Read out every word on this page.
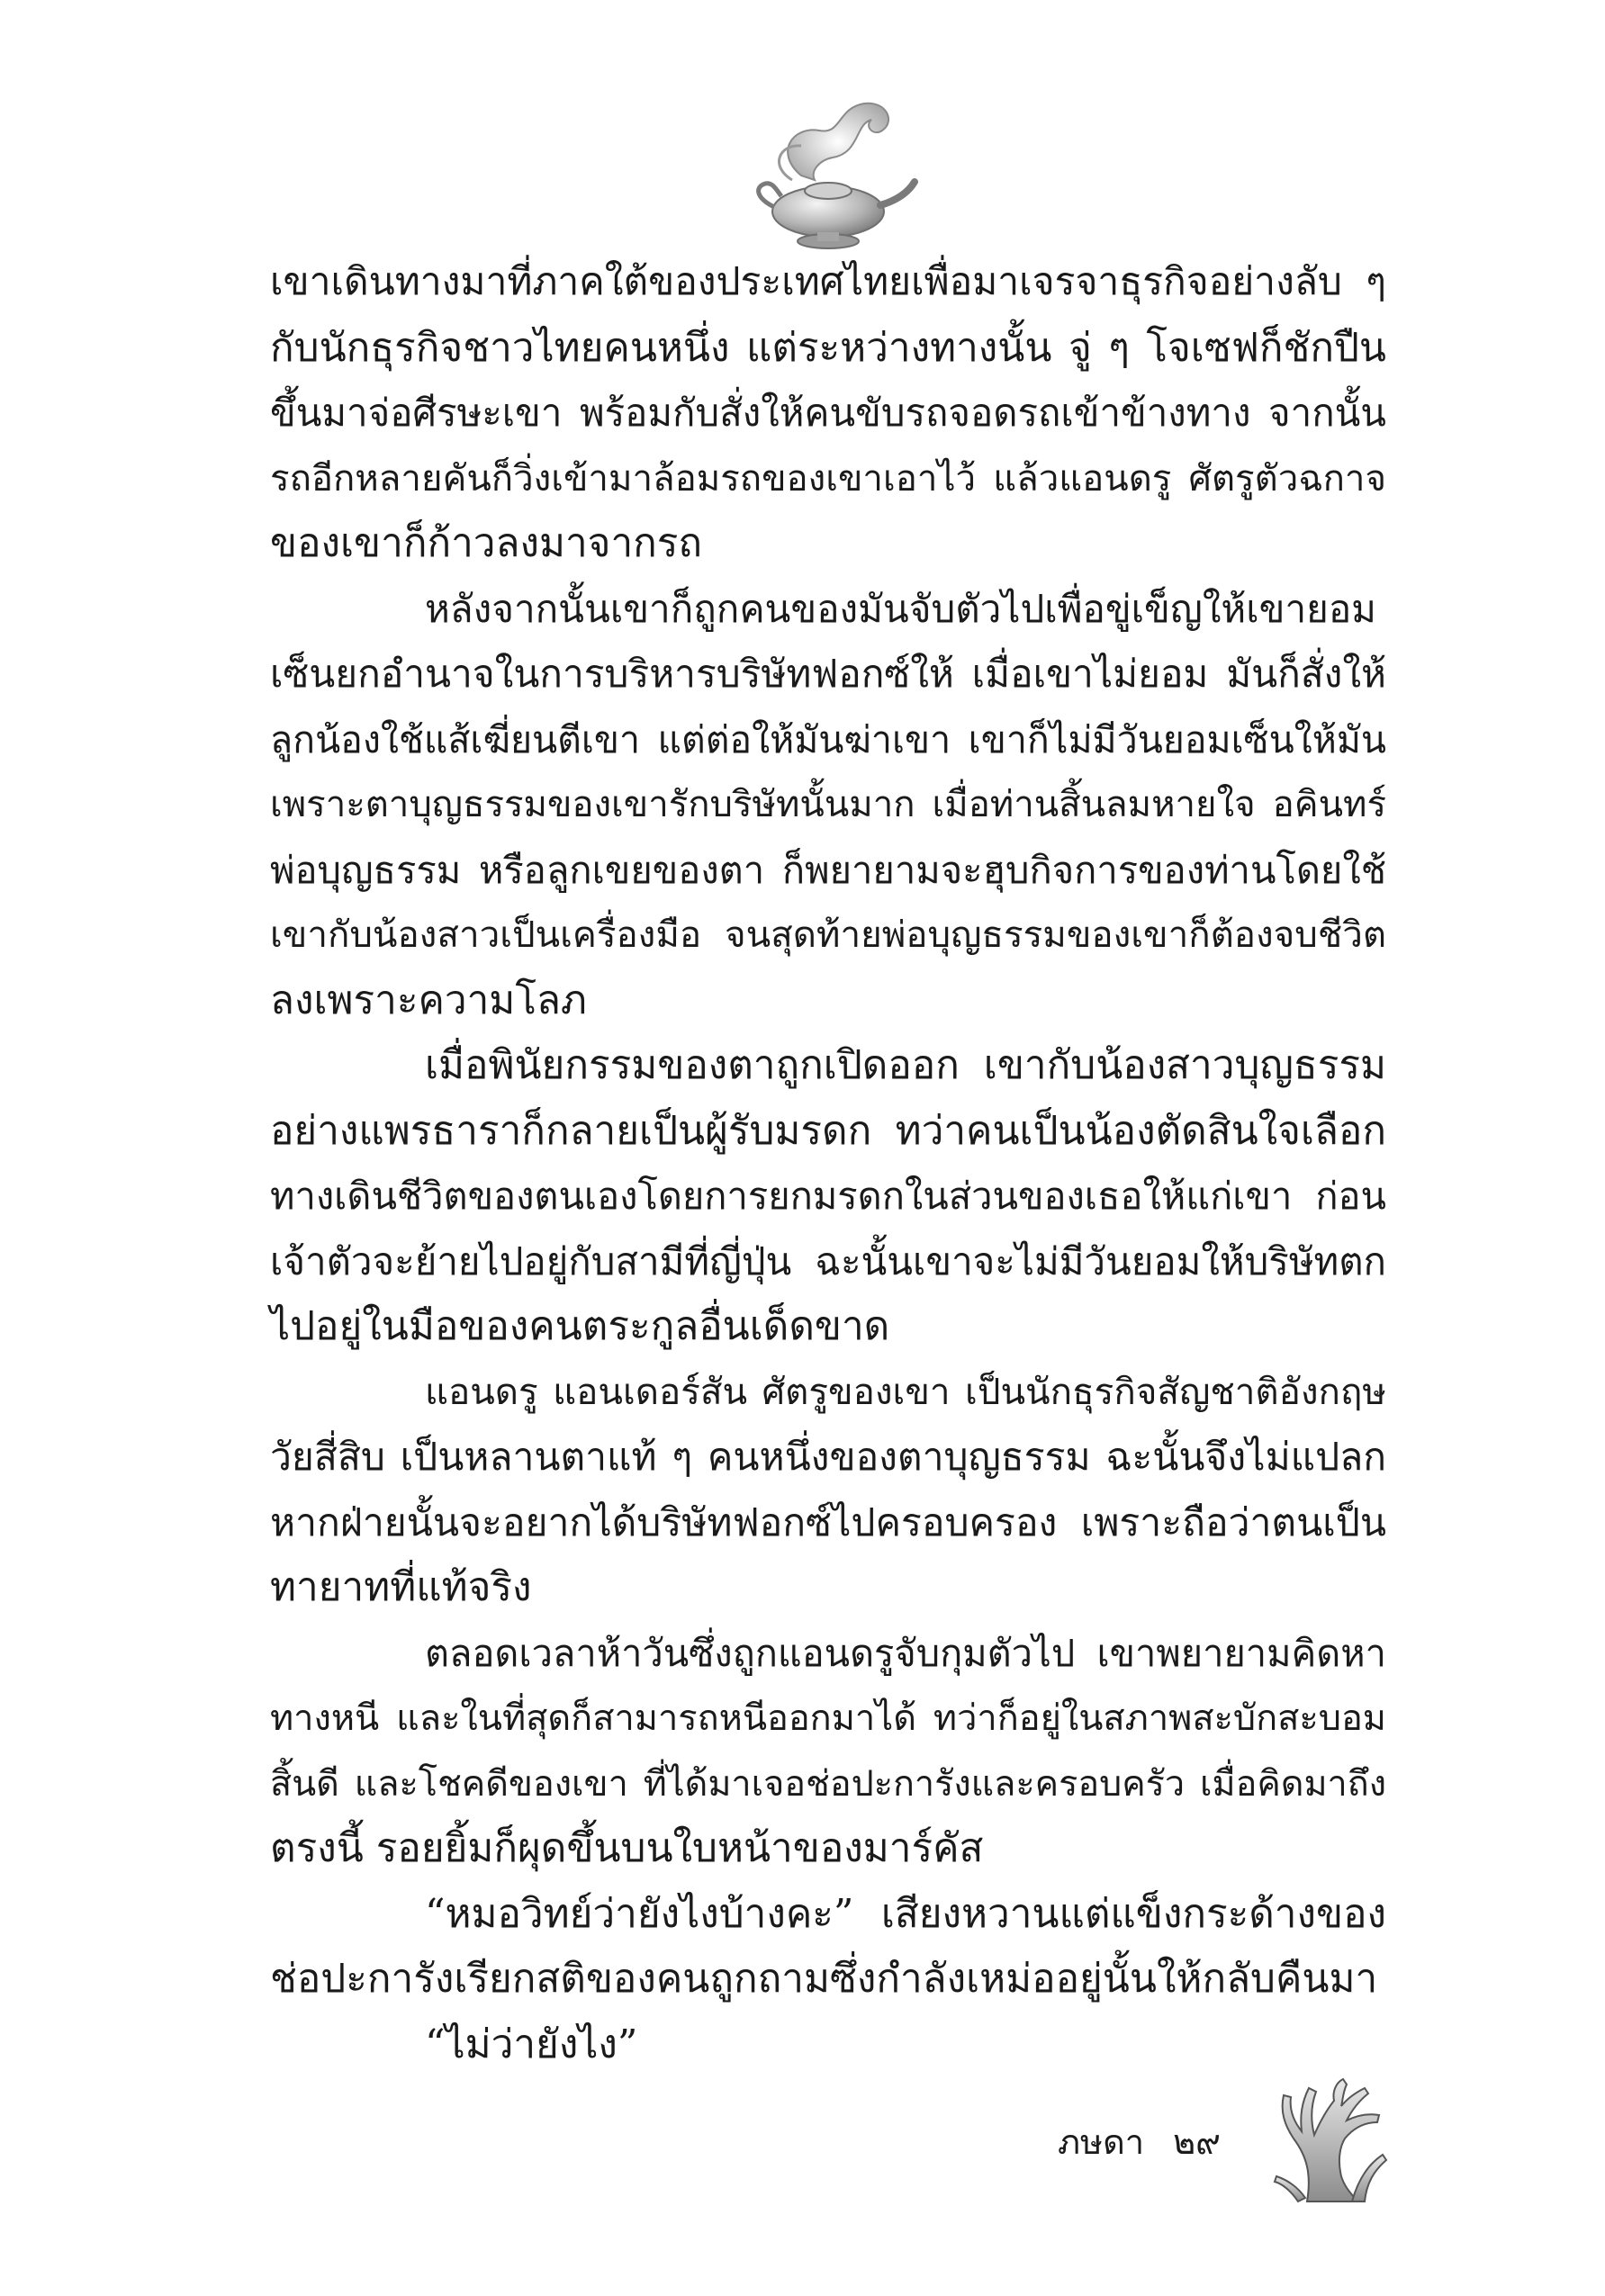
เขาเดินทางมาที่ภาคใต้ของประเทศไทยเพื่อมาเจรจาธุรกิจอย่างลับ ๆ
กับนักธุรกิจชาวไทยคนหนึ่ง แต่ระหว่างทางนั้น จู่ ๆ โจเซฟก็ชักปืน
ขึ้นมาจ่อศีรษะเขา พร้อมกับสั่งให้คนขับรถจอดรถเข้าข้างทาง จากนั้น
รถอีกหลายคันก็วิ่งเข้ามาล้อมรถของเขาเอาไว้ แล้วแอนดรู ศัตรูตัวฉกาจ
ของเขาก็ก้าวลงมาจากรถ
หลังจากนั้นเขาก็ถูกคนของมันจับตัวไปเพื่อขู่เข็ญให้เขายอม
เซ็นยกอำนาจในการบริหารบริษัทฟอกซ์ให้ เมื่อเขาไม่ยอม มันก็สั่งให้
ลูกน้องใช้แส้เฆี่ยนตีเขา แต่ต่อให้มันฆ่าเขา เขาก็ไม่มีวันยอมเซ็นให้มัน
เพราะตาบุญธรรมของเขารักบริษัทนั้นมาก เมื่อท่านสิ้นลมหายใจ อคินทร์
พ่อบุญธรรม หรือลูกเขยของตา ก็พยายามจะฮุบกิจการของท่านโดยใช้
เขากับน้องสาวเป็นเครื่องมือ จนสุดท้ายพ่อบุญธรรมของเขาก็ต้องจบชีวิต
ลงเพราะความโลภ
เมื่อพินัยกรรมของตาถูกเปิดออก เขากับน้องสาวบุญธรรม
อย่างแพรธาราก็กลายเป็นผู้รับมรดก ทว่าคนเป็นน้องตัดสินใจเลือก
ทางเดินชีวิตของตนเองโดยการยกมรดกในส่วนของเธอให้แก่เขา ก่อน
เจ้าตัวจะย้ายไปอยู่กับสามีที่ญี่ปุ่น ฉะนั้นเขาจะไม่มีวันยอมให้บริษัทตก
ไปอยู่ในมือของคนตระกูลอื่นเด็ดขาด
แอนดรู แอนเดอร์สัน ศัตรูของเขา เป็นนักธุรกิจสัญชาติอังกฤษ
วัยสี่สิบ เป็นหลานตาแท้ ๆ คนหนึ่งของตาบุญธรรม ฉะนั้นจึงไม่แปลก
หากฝ่ายนั้นจะอยากได้บริษัทฟอกซ์ไปครอบครอง เพราะถือว่าตนเป็น
ทายาทที่แท้จริง
ตลอดเวลาห้าวันซึ่งถูกแอนดรูจับกุมตัวไป เขาพยายามคิดหา
ทางหนี และในที่สุดก็สามารถหนีออกมาได้ ทว่าก็อยู่ในสภาพสะบักสะบอม
สิ้นดี และโชคดีของเขา ที่ได้มาเจอช่อปะการังและครอบครัว เมื่อคิดมาถึง
ตรงนี้ รอยยิ้มก็ผุดขึ้นบนใบหน้าของมาร์คัส
“หมอวิทย์ว่ายังไงบ้างคะ” เสียงหวานแต่แข็งกระด้างของ
ช่อปะการังเรียกสติของคนถูกถามซึ่งกำลังเหม่ออยู่นั้นให้กลับคืนมา
“ไม่ว่ายังไง”
ภษดา ๒๙
